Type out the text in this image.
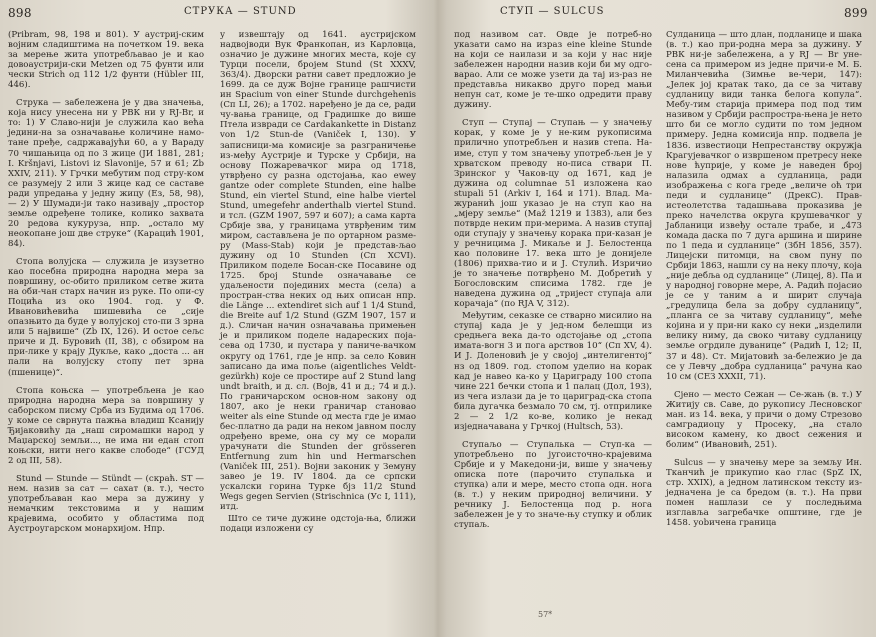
898	СТРУКА — STUND

(Pribram, 98, 198 и 801). У аустриј-ским војним сладиштима на почетком 19. века за мерење жита употребљавао је и као довоаустрији-ски Metzen од 75 фунти или чески Strich од 112 1/2 фунти (Hübler III, 446).

Струка — забележена је у два значења, која нису унесена ни у РВК ни у RJ-Br, и то: 1) У Славо-нији је служила као већа једини-на за означавање количине намо-тане пређе, садржавајући 60, а у Вараду 70 чишањица од по 3 жице (ЈИ 1881, 281; I. Kršnjavi, Listovi iz Slavonije, 57 и 61; Zb XXIV, 211). У Грчки мебутим под стру-ком се разумеју 2 или 3 жице кад се саставе ради упредања у једну жицу (Ез, 58, 98), — 2) У Шумади-ји тако називају „простор земље одређене толике, колико захвата 20 редова кукуруза, нпр. „остало му неокопане још две струке“ (Карацић 1901, 84).

Стопа волујска — служила је изузетно као посебна природна народна мера за површину, ос-обито приликом сетве жита на оби-чан старх начин из руке. По опи-су Поцића из око 1904. год. у Ф. Ивановићевића шишевића се „сије опазњито да буде у волујској сто-пи 3 зрна или 5 највише“ (Zb IX, 126). И остое сељс приче и Д. Буровић (II, 38), с обзиром на при-лике у крају Дукље, како „доста ... ан пали на волујску стопу пет зрна (пшенице)“.

Стопа коњска — употребљена је као природна народна мера за површину у саборском писму Срба из Будима од 1706. у коме се сврнута пажња владиш Ксанију Ђијаковићу да „наш сиромашки народ у Маџарској земљи..., не има ни едан стоп коњски, нити него какве слободе“ (ГСУД 2 од III, 58).

Stund — Stunde — Stündt — (скраћ. ST — нем. назив за сат — сахат (в. т.), често употребљаван као мера за дужину у немачким текстовима и у нашим крајевима, особито у областима под Аустроугарском монархијом. Нпр.

у извештају од 1641. аустријском надвојводи Вук Франкопан, из Карловца, означио је дужине многих места, које су Турци посели, бројем Stund (St XXXV, 363/4). Дворски ратни савет предложио је 1699. да се дуж Војне границе рашчисти ин Spacium von einer Stunde durchgehenis (Сп LI, 26); а 1702. наређено је да се, ради чу-вања границе, од Градишке до више Птела извради се Cardakankette in Distanz von 1/2 Stun-de (Vaniček I, 130). У записници-ма комисије за разграничење из-међу Аустрије и Турске у Србији, на основу Пожаревачког мира од 1718, утврђено су разна одстојања, као ewey gantze oder complete Stunden, eine halbe Stund, ein viertel Stund, eine halbe viertel Stund, umegefehr anderthalb viertel Stund. и тсл. (GZM 1907, 597 и 607); а сама карта Србије зва, у границама утврђеним тим миром, састављена је по ортарном разме-ру (Mass-Stab) који је представ-љао дужину од 10 Stunden (Сп XCVI). Приликом поделе Босан-ске Посавине од 1725. број Stunde означавање се удаљености појединих места (села) а простран-ства неких од њих описан нпр. die Länge ... extendiret sich auf 1 1/4 Stund, die Breite auf 1/2 Stund (GZM 1907, 157 и д.). Сличан начин означавања примењен је и приликом поделе надареских поја-сева од 1730, и пустара у паниче-вачком округу од 1761, где је нпр. за село Ковин записано да има поље (аigentliches Veldt-gezürkh) које се простире auf 2 Stund lang undt braith, и д. сл. (Војв, 41 и д.; 74 и д.). По граничарском основ-ном закону од 1807, ако је неки граничар становао weiter als eine Stunde од места где је имао бес-платно да ради на неком јавном послу одређено време, она су му се морали урачунати die Stunden der grösseren Entfernung zum hin und Hermarschen (Vaniček III, 251). Војни законик у Земуну завео је 19. IV 1804. да се српски ускалски горина Турке бјз 11/2 Stund Wegs gegen Servien (Strischnica (Ус I, 111), итд.

Што се тиче дужине одстоја-ња, ближи подаци изложени су

СТУП — SULCUS	899

под називом сат. Овде је потреб-но указати само на израз eine kleine Stunde на који се наилази и за који у нас није забележен народни назив који би му одго-варао. Али се може узети да тај из-раз не представља никакво друго поред мањи непун сат, коме је те-шко одредити праву дужину.

Ступ — Ступај — Ступањ — у значењу корак, у коме је у не-ким рукописима прилично употребљен и назив степа. На-име, ступ у том значењу употреб-љен је у хрватском преводу но-писа ствари П. Зринског у Чаков-цу од 1671, кад је дужина од columnae 51 изложена као stupali 51 (Arkiv I, 164 и 171). Влад. Ма-журанић још указао је на ступ као на „мјеру земље“ (Maž 1219 и 1383), али без потврде неким при-мерима. А назив ступај оди ступају у значењу корака при-казан је у речницима Ј. Микаље и Ј. Белостенца као половине 17. века што је донијеле (1806) прихва-тио и и Ј. Стулић. Изричио је то значење потврђено М. Добретић у Богословским списима 1782. где је наведена дужина од „тријест ступаја али корачаја“ (по RJA V, 312).

Међутим, секазке се стварно мисилио на ступај када је у јед-ном белешци из средњега века да-то одстојање од „стопа имата-вогн 3 и пога арствов 10“ (Сп XV, 4). И Ј. Доленовић је у својој „интелигентој“ нз од 1809. год. стопом уделио на корак кад је навео ка-ко у Цариграду 100 стопа чине 221 бечки стопа и 1 палац (Дол, 193), из чега излази да је то цариград-ска стопа била дугачка безмало 70 см, тј. отприлике 2 — 2 1/2 ко-ве, колико је некад изједначавана у Грчкој (Hultsch, 53).

Ступаљо — Ступалька — Ступ-ка — употребљено по југоисточно-крајевима Србије и у Македони-ји, више у значењу описка поте (парочито ступалька и ступка) али и мере, место стопа одн. нога (в. т.) у неким природној величини. У речнику Ј. Белостенца под р. нога забележен је у то значе-њу ступку и облик ступаљ.

Сулданица — што длан, подланице и шака (в. т.) као при-родна мера за дужину. У РВК ни-је забележена, а у RJ — Br уне-сена са примером из једне причи-е М. Б. Миланчевића (Зимње ве-чери, 147): „Јелек јој кратак тако, да се за читаву судланицу види танка белога копула“. Мебу-тим старија примера под под тим називом у Србији распростра-њена је нето што би се могло судити по том једном примеру. Једна комисија нпр. подвела је 1836. известиоци Непрестанству окружја Крагујевачког о извршеном претресу неке нове ћуприје, у коме је наведен број налазила одмах а судланица, ради изображења с кога греде „величе оћ три педи и судланице“ (ДрекС). Прав-истеолетства тадашњава проказива је преко начелства округа крушевачког у Јабланици извеђу остале трабе, и „473 комада даска по 7 дуга аршина и ширине по 1 педа и судланице“ (ЗбН 1856, 357). Лицејски питомци, на свом пуну по Србији 1863, нашли су на неку плочу, која „није дебља од судланице“ (Лицеј, 8). Па и у народној говорне мере, А. Радић појасио је се у таним а и ширит случаја „гредулица бела за добру судланицу“, „планга се за читаву судланицу“, меће којина и у при-ни како су неки „изделили велику ниму, да своко читаву судланицу земље огрдиле дуванице“ (Радић I, 12; II, 37 и 48). Ст. Мијатовић за-бележио је да се у Левчу „добра судланица“ рачуна као 10 см (СЕЗ XXXII, 71).

Сјено — место Сежан — Се-жањ (в. т.) У Житију св. Саве, до рукопису Лесновског ман. из 14. века, у причи о дому Стрезово самградиоцу у Просеку, „на стало високом камену, ко двoсt сежения и болим“ (Ивановић, 251).

Sulcus — у значењу мере за земљу Ин. Тканчић је прикупио као глас (SpZ IX, стр. XXIX), а једном латинском тексту из-једначена је са бредом (в. т.). На први помен нашлази се у последњима изглавља загребачке општине, где је 1458. уobичена граница

57*
